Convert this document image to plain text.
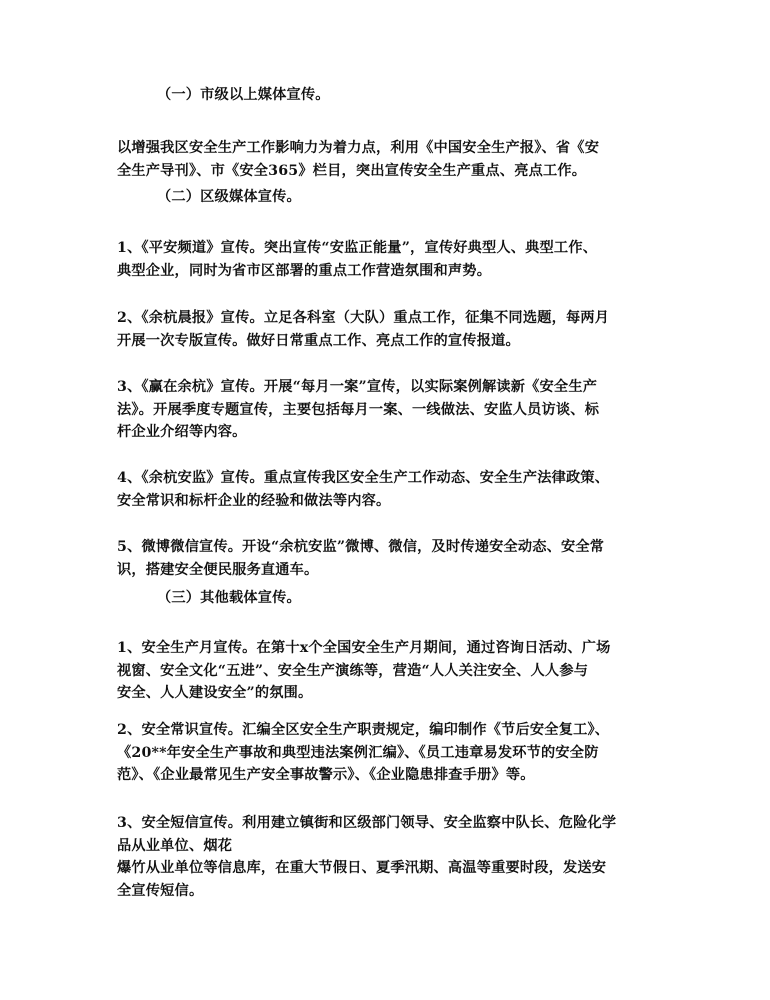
（一）市级以上媒体宣传。
以增强我区安全生产工作影响力为着力点，利用《中国安全生产报》、省《安
全生产导刊》、市《安全365》栏目，突出宣传安全生产重点、亮点工作。
（二）区级媒体宣传。
1、《平安频道》宣传。突出宣传“安监正能量”，宣传好典型人、典型工作、
典型企业，同时为省市区部署的重点工作营造氛围和声势。
2、《余杭晨报》宣传。立足各科室（大队）重点工作，征集不同选题，每两月
开展一次专版宣传。做好日常重点工作、亮点工作的宣传报道。
3、《赢在余杭》宣传。开展“每月一案”宣传，以实际案例解读新《安全生产
法》。开展季度专题宣传，主要包括每月一案、一线做法、安监人员访谈、标
杆企业介绍等内容。
4、《余杭安监》宣传。重点宣传我区安全生产工作动态、安全生产法律政策、
安全常识和标杆企业的经验和做法等内容。
5、微博微信宣传。开设“余杭安监”微博、微信，及时传递安全动态、安全常
识，搭建安全便民服务直通车。
（三）其他载体宣传。
1、安全生产月宣传。在第十x个全国安全生产月期间，通过咨询日活动、广场
视窗、安全文化“五进”、安全生产演练等，营造“人人关注安全、人人参与
安全、人人建设安全”的氛围。
2、安全常识宣传。汇编全区安全生产职责规定，编印制作《节后安全复工》、
《20**年安全生产事故和典型违法案例汇编》、《员工违章易发环节的安全防
范》、《企业最常见生产安全事故警示》、《企业隐患排查手册》等。
3、安全短信宣传。利用建立镇街和区级部门领导、安全监察中队长、危险化学
品从业单位、烟花
爆竹从业单位等信息库，在重大节假日、夏季汛期、高温等重要时段，发送安
全宣传短信。
